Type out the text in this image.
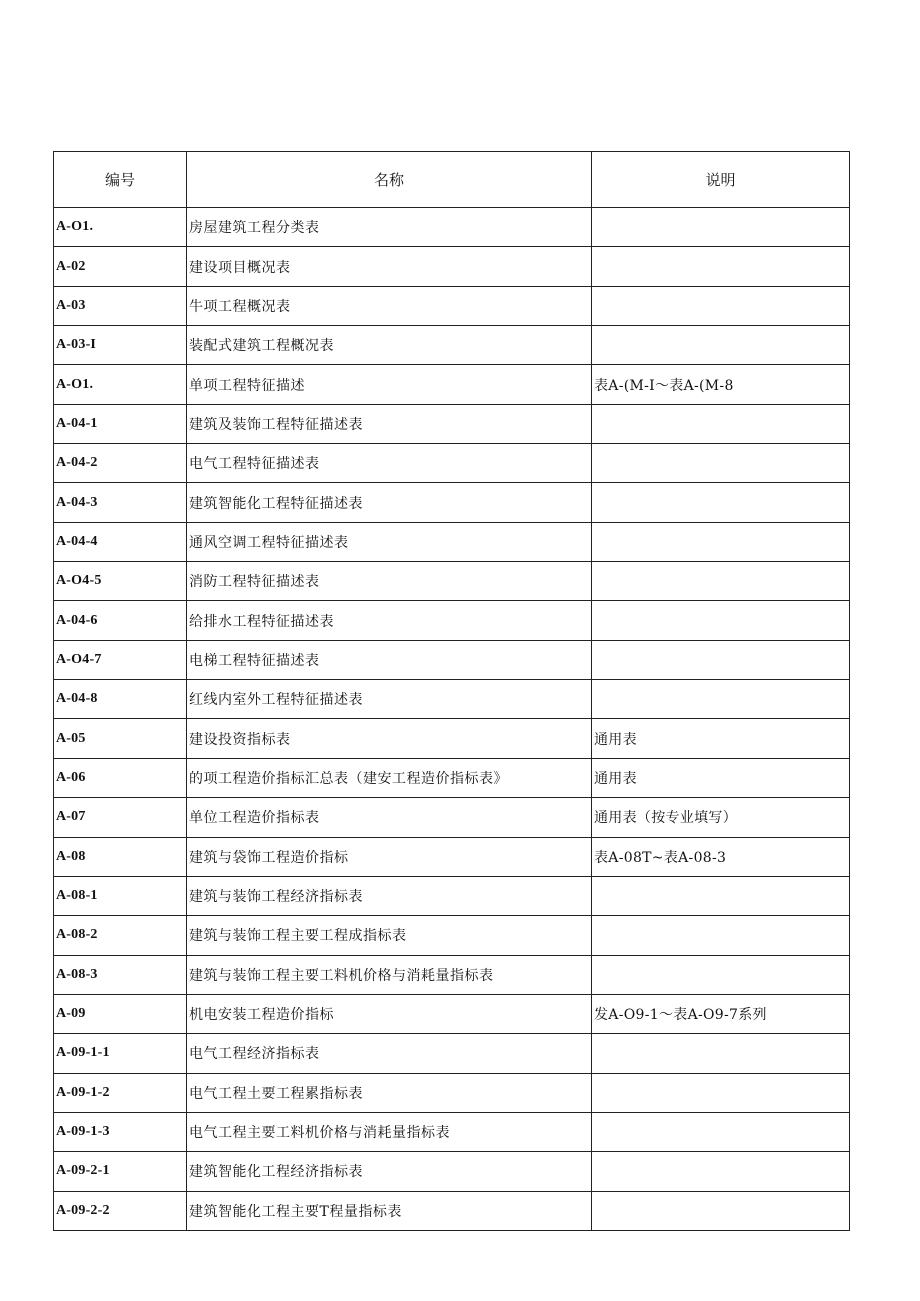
编号	名称	说明
A-O1.	房屋建筑工程分类表	
A-02	建设项目概况表	
A-03	牛项工程概况表	
A-03-I	装配式建筑工程概况表	
A-O1.	单项工程特征描述	表A-(M-I～表A-(M-8
A-04-1	建筑及装饰工程特征描述表	
A-04-2	电气工程特征描述表	
A-04-3	建筑智能化工程特征描述表	
A-04-4	通风空调工程特征描述表	
A-O4-5	消防工程特征描述表	
A-04-6	给排水工程特征描述表	
A-O4-7	电梯工程特征描述表	
A-04-8	红线内室外工程特征描述表	
A-05	建设投资指标表	通用表
A-06	的项工程造价指标汇总表（建安工程造价指标表》	通用表
A-07	单位工程造价指标表	通用表（按专业填写）
A-08	建筑与袋饰工程造价指标	表A-08T~表A-08-3
A-08-1	建筑与装饰工程经济指标表	
A-08-2	建筑与装饰工程主要工程成指标表	
A-08-3	建筑与装饰工程主要工料机价格与消耗量指标表	
A-09	机电安装工程造价指标	发A-O9-1～表A-O9-7系列
A-09-1-1	电气工程经济指标表	
A-09-1-2	电气工程土要工程累指标表	
A-09-1-3	电气工程主要工料机价格与消耗量指标表	
A-09-2-1	建筑智能化工程经济指标表	
A-09-2-2	建筑智能化工程主要T程量指标表	
